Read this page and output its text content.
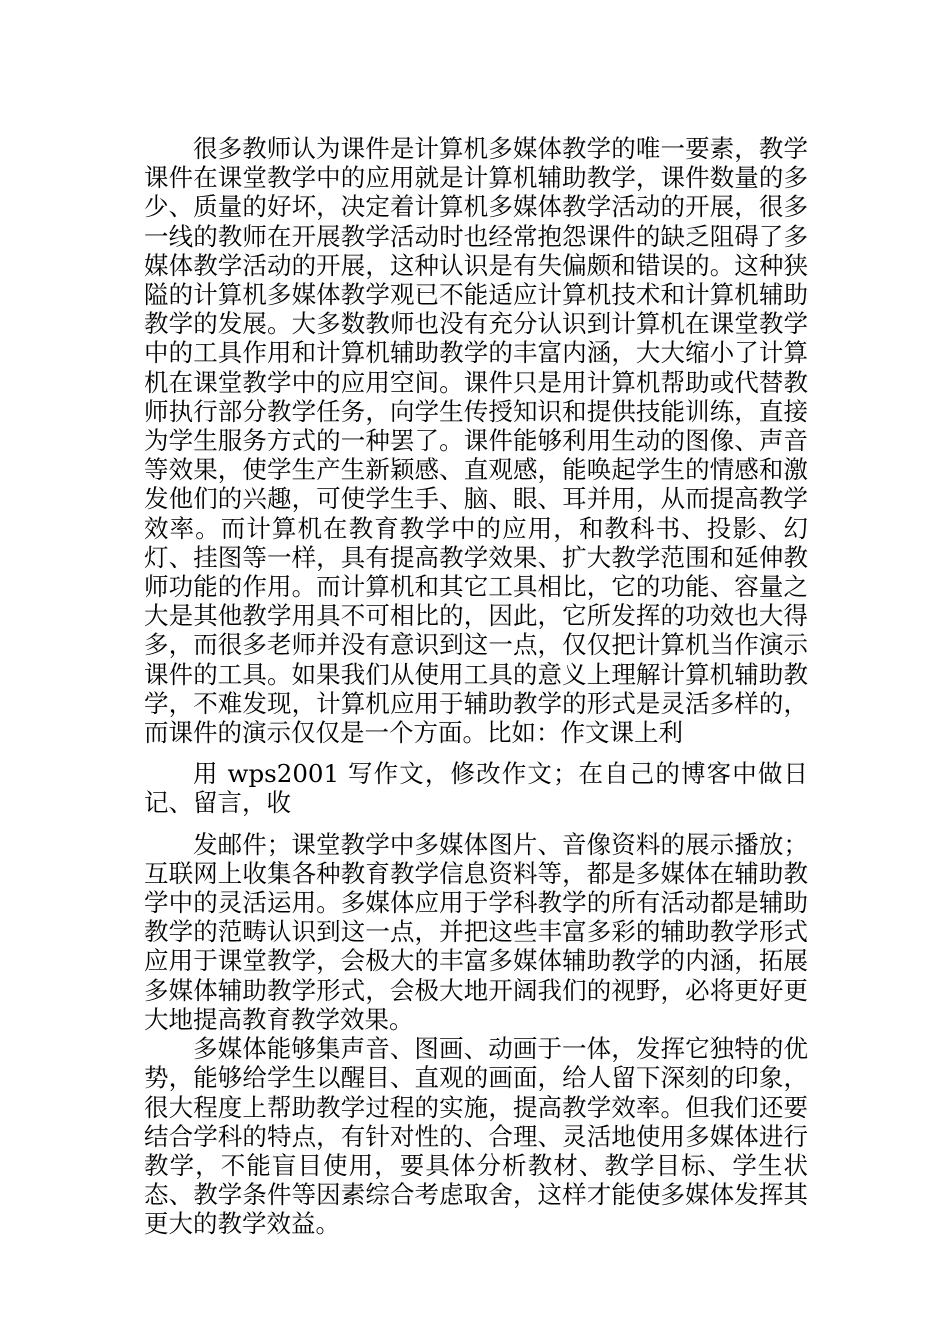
很多教师认为课件是计算机多媒体教学的唯一要素，教学课件在课堂教学中的应用就是计算机辅助教学，课件数量的多少、质量的好坏，决定着计算机多媒体教学活动的开展，很多一线的教师在开展教学活动时也经常抱怨课件的缺乏阻碍了多媒体教学活动的开展，这种认识是有失偏颇和错误的。这种狭隘的计算机多媒体教学观已不能适应计算机技术和计算机辅助教学的发展。大多数教师也没有充分认识到计算机在课堂教学中的工具作用和计算机辅助教学的丰富内涵，大大缩小了计算机在课堂教学中的应用空间。课件只是用计算机帮助或代替教师执行部分教学任务，向学生传授知识和提供技能训练，直接为学生服务方式的一种罢了。课件能够利用生动的图像、声音等效果，使学生产生新颖感、直观感，能唤起学生的情感和激发他们的兴趣，可使学生手、脑、眼、耳并用，从而提高教学效率。而计算机在教育教学中的应用，和教科书、投影、幻灯、挂图等一样，具有提高教学效果、扩大教学范围和延伸教师功能的作用。而计算机和其它工具相比，它的功能、容量之大是其他教学用具不可相比的，因此，它所发挥的功效也大得多，而很多老师并没有意识到这一点，仅仅把计算机当作演示课件的工具。如果我们从使用工具的意义上理解计算机辅助教学，不难发现，计算机应用于辅助教学的形式是灵活多样的，而课件的演示仅仅是一个方面。比如：作文课上利
用 wps2001 写作文，修改作文；在自己的博客中做日记、留言，收
发邮件；课堂教学中多媒体图片、音像资料的展示播放；互联网上收集各种教育教学信息资料等，都是多媒体在辅助教学中的灵活运用。多媒体应用于学科教学的所有活动都是辅助教学的范畴认识到这一点，并把这些丰富多彩的辅助教学形式应用于课堂教学，会极大的丰富多媒体辅助教学的内涵，拓展多媒体辅助教学形式，会极大地开阔我们的视野，必将更好更大地提高教育教学效果。

多媒体能够集声音、图画、动画于一体，发挥它独特的优势，能够给学生以醒目、直观的画面，给人留下深刻的印象，很大程度上帮助教学过程的实施，提高教学效率。但我们还要结合学科的特点，有针对性的、合理、灵活地使用多媒体进行教学，不能盲目使用，要具体分析教材、教学目标、学生状态、教学条件等因素综合考虑取舍，这样才能使多媒体发挥其更大的教学效益。
